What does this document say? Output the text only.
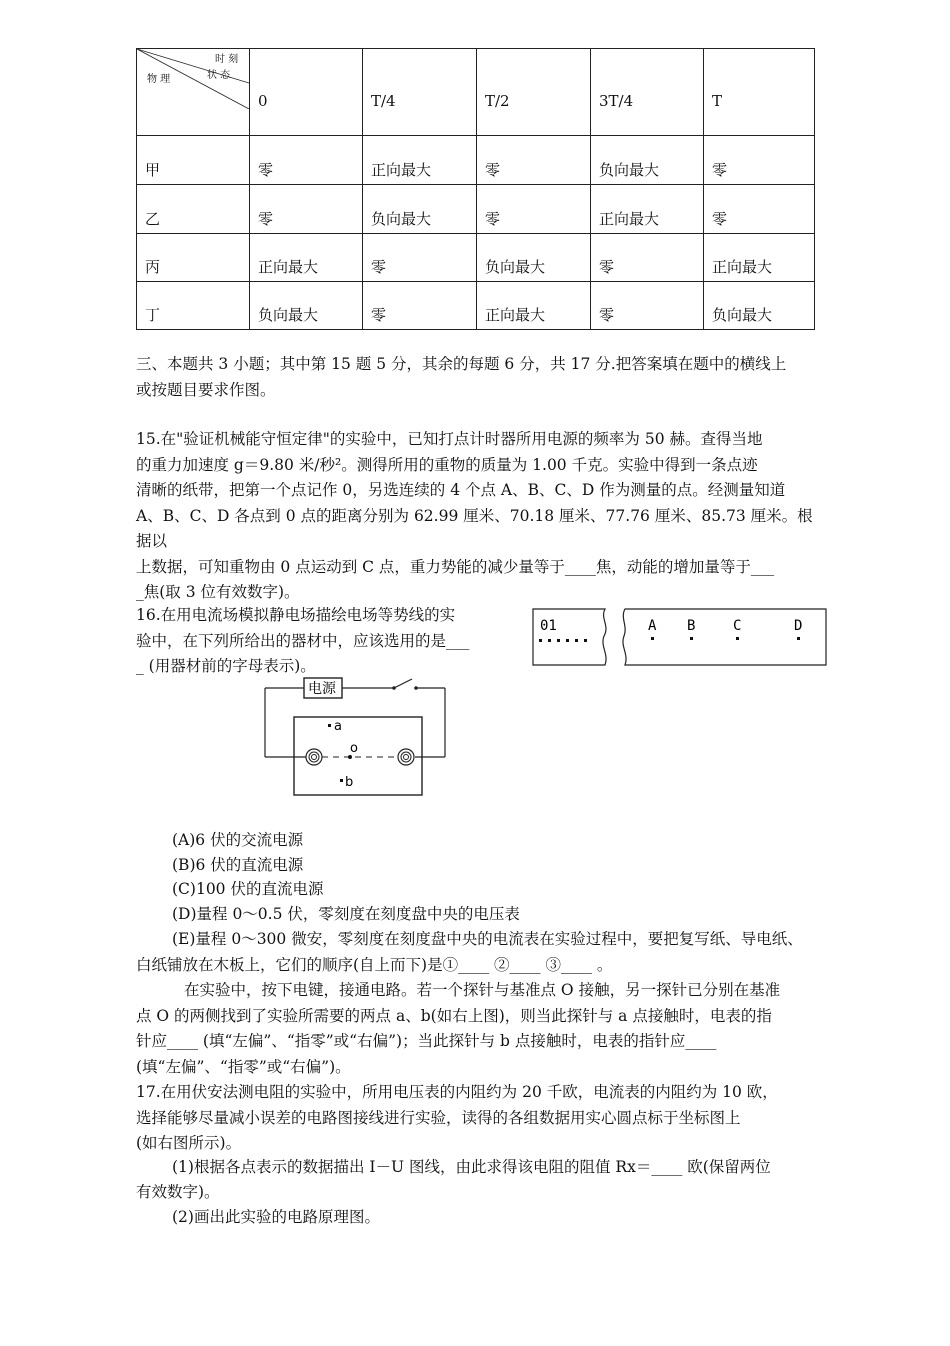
时 刻
状 态
物 理	0	T/4	T/2	3T/4	T
甲	零	正向最大	零	负向最大	零
乙	零	负向最大	零	正向最大	零
丙	正向最大	零	负向最大	零	正向最大
丁	负向最大	零	正向最大	零	负向最大
三、本题共 3 小题；其中第 15 题 5 分，其余的每题 6 分，共 17 分.把答案填在题中的横线上
或按题目要求作图。
15.在"验证机械能守恒定律"的实验中，已知打点计时器所用电源的频率为 50 赫。查得当地
的重力加速度 g＝9.80 米/秒²。测得所用的重物的质量为 1.00 千克。实验中得到一条点迹
清晰的纸带，把第一个点记作 0，另选连续的 4 个点 A、B、C、D 作为测量的点。经测量知道
A、B、C、D 各点到 0 点的距离分别为 62.99 厘米、70.18 厘米、77.76 厘米、85.73 厘米。根据以
上数据，可知重物由 0 点运动到 C 点，重力势能的减少量等于____焦，动能的增加量等于___
_焦(取 3 位有效数字)。
16.在用电流场模拟静电场描绘电场等势线的实
验中，在下列所给出的器材中，应该选用的是___
_ (用器材前的字母表示)。
01	A B	C	D
电源
a
o
b
(A)6 伏的交流电源
(B)6 伏的直流电源
(C)100 伏的直流电源
(D)量程 0～0.5 伏，零刻度在刻度盘中央的电压表
(E)量程 0～300 微安，零刻度在刻度盘中央的电流表在实验过程中，要把复写纸、导电纸、
白纸铺放在木板上，它们的顺序(自上而下)是①____ ②____ ③____ 。
在实验中，按下电键，接通电路。若一个探针与基准点 O 接触，另一探针已分别在基准
点 O 的两侧找到了实验所需要的两点 a、b(如右上图)，则当此探针与 a 点接触时，电表的指
针应____ (填“左偏”、“指零”或“右偏”)；当此探针与 b 点接触时，电表的指针应____
(填“左偏”、“指零”或“右偏”)。
17.在用伏安法测电阻的实验中，所用电压表的内阻约为 20 千欧，电流表的内阻约为 10 欧，
选择能够尽量减小误差的电路图接线进行实验，读得的各组数据用实心圆点标于坐标图上
(如右图所示)。
(1)根据各点表示的数据描出 I－U 图线，由此求得该电阻的阻值 Rx＝____ 欧(保留两位
有效数字)。
(2)画出此实验的电路原理图。
